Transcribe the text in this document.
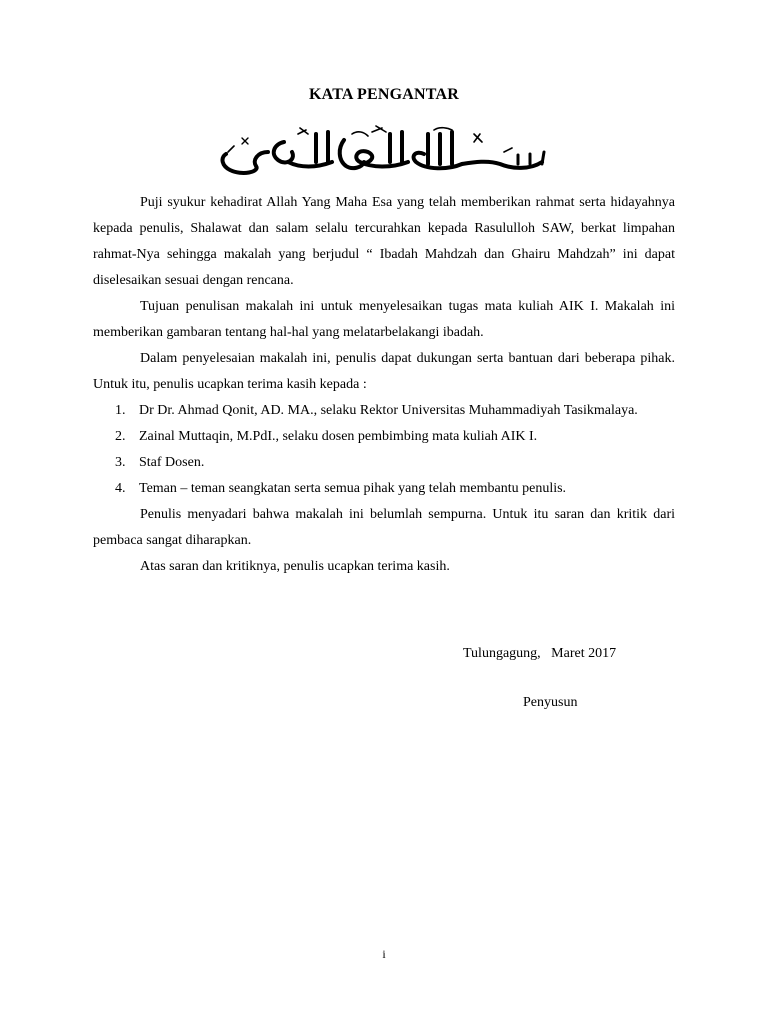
KATA PENGANTAR

Puji syukur kehadirat Allah Yang Maha Esa yang telah memberikan rahmat serta hidayahnya kepada penulis, Shalawat dan salam selalu tercurahkan kepada Rasululloh SAW, berkat limpahan rahmat-Nya sehingga makalah yang berjudul “ Ibadah Mahdzah dan Ghairu Mahdzah” ini dapat diselesaikan sesuai dengan rencana.

Tujuan penulisan makalah ini untuk menyelesaikan tugas mata kuliah AIK I. Makalah ini memberikan gambaran tentang hal-hal yang melatarbelakangi ibadah.

Dalam penyelesaian makalah ini, penulis dapat dukungan serta bantuan dari beberapa pihak. Untuk itu, penulis ucapkan terima kasih kepada :

1. Dr Dr. Ahmad Qonit, AD. MA., selaku Rektor Universitas Muhammadiyah Tasikmalaya.
2. Zainal Muttaqin, M.PdI., selaku dosen pembimbing mata kuliah AIK I.
3. Staf Dosen.
4. Teman – teman seangkatan serta semua pihak yang telah membantu penulis.

Penulis menyadari bahwa makalah ini belumlah sempurna. Untuk itu saran dan kritik dari pembaca sangat diharapkan.

Atas saran dan kritiknya, penulis ucapkan terima kasih.

Tulungagung,   Maret 2017
Penyusun
i
